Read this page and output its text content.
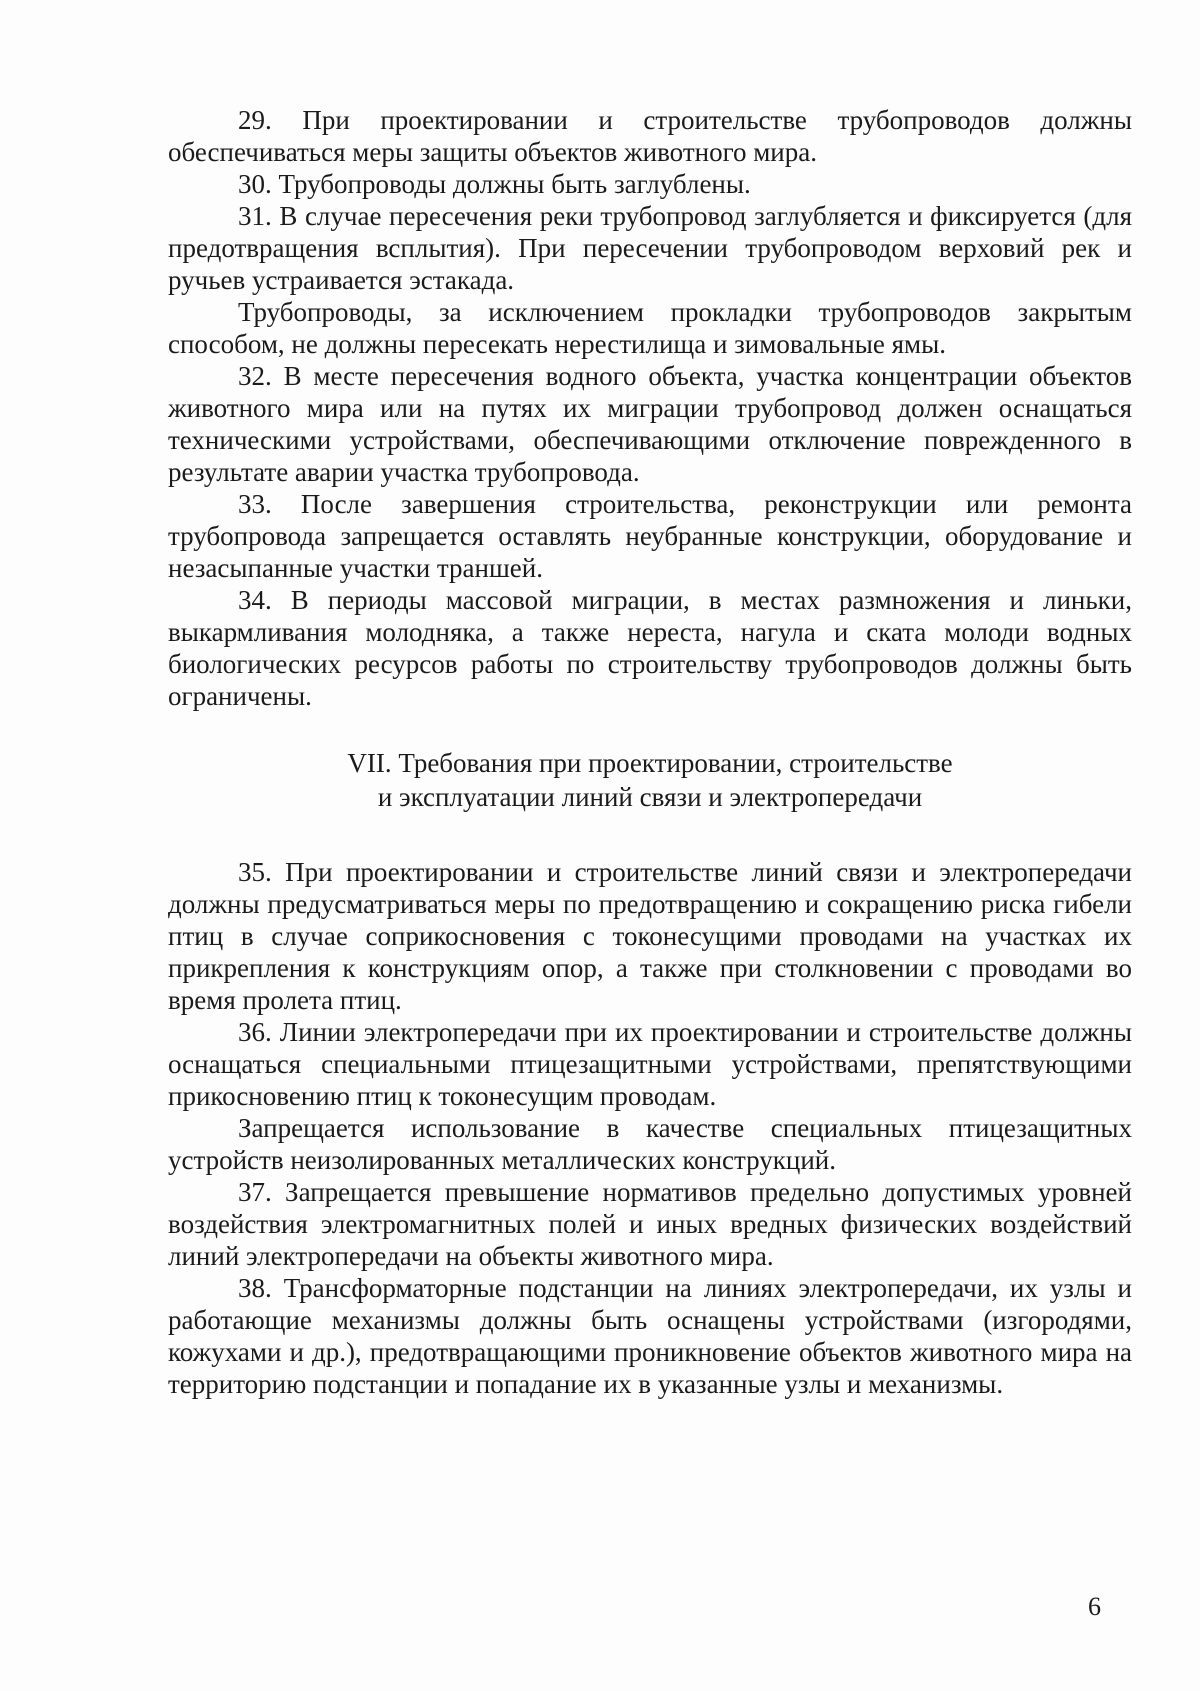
29. При проектировании и строительстве трубопроводов должны обеспечиваться меры защиты объектов животного мира.

30. Трубопроводы должны быть заглублены.

31. В случае пересечения реки трубопровод заглубляется и фиксируется (для предотвращения всплытия). При пересечении трубопроводом верховий рек и ручьев устраивается эстакада.

Трубопроводы, за исключением прокладки трубопроводов закрытым способом, не должны пересекать нерестилища и зимовальные ямы.

32. В месте пересечения водного объекта, участка концентрации объектов животного мира или на путях их миграции трубопровод должен оснащаться техническими устройствами, обеспечивающими отключение поврежденного в результате аварии участка трубопровода.

33. После завершения строительства, реконструкции или ремонта трубопровода запрещается оставлять неубранные конструкции, оборудование и незасыпанные участки траншей.

34. В периоды массовой миграции, в местах размножения и линьки, выкармливания молодняка, а также нереста, нагула и ската молоди водных биологических ресурсов работы по строительству трубопроводов должны быть ограничены.

VII. Требования при проектировании, строительстве
и эксплуатации линий связи и электропередачи

35. При проектировании и строительстве линий связи и электропередачи должны предусматриваться меры по предотвращению и сокращению риска гибели птиц в случае соприкосновения с токонесущими проводами на участках их прикрепления к конструкциям опор, а также при столкновении с проводами во время пролета птиц.

36. Линии электропередачи при их проектировании и строительстве должны оснащаться специальными птицезащитными устройствами, препятствующими прикосновению птиц к токонесущим проводам.

Запрещается использование в качестве специальных птицезащитных устройств неизолированных металлических конструкций.

37. Запрещается превышение нормативов предельно допустимых уровней воздействия электромагнитных полей и иных вредных физических воздействий линий электропередачи на объекты животного мира.

38. Трансформаторные подстанции на линиях электропередачи, их узлы и работающие механизмы должны быть оснащены устройствами (изгородями, кожухами и др.), предотвращающими проникновение объектов животного мира на территорию подстанции и попадание их в указанные узлы и механизмы.

6
